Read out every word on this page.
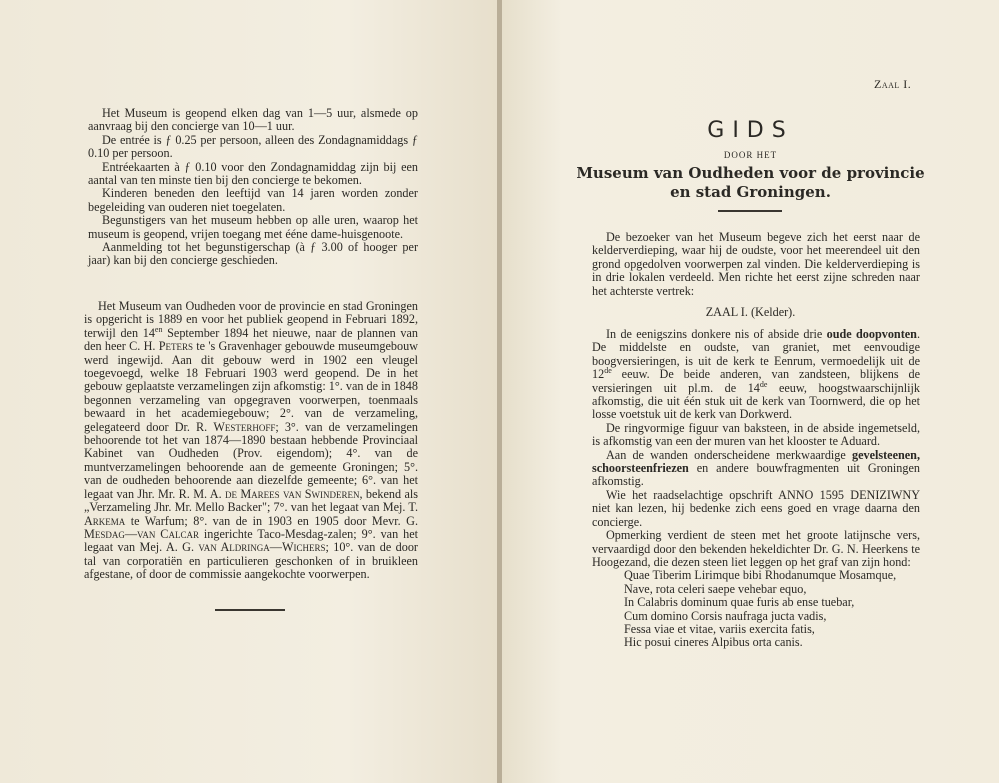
Het Museum is geopend elken dag van 1—5 uur, alsmede op aanvraag bij den concierge van 10—1 uur.

De entrée is ƒ 0.25 per persoon, alleen des Zondagnamiddags ƒ 0.10 per persoon.

Entréekaarten à ƒ 0.10 voor den Zondagnamiddag zijn bij een aantal van ten minste tien bij den concierge te bekomen.

Kinderen beneden den leeftijd van 14 jaren worden zonder begeleiding van ouderen niet toegelaten.

Begunstigers van het museum hebben op alle uren, waarop het museum is geopend, vrijen toegang met ééne dame-huisgenoote.

Aanmelding tot het begunstigerschap (à ƒ 3.00 of hooger per jaar) kan bij den concierge geschieden.

Het Museum van Oudheden voor de provincie en stad Groningen is opgericht is 1889 en voor het publiek geopend in Februari 1892, terwijl den $14^{en}$ September 1894 het nieuwe, naar de plannen van den heer C. H. Peters te 's Gravenhager gebouwde museumgebouw werd ingewijd. Aan dit gebouw werd in 1902 een vleugel toegevoegd, welke 18 Februari 1903 werd geopend. De in het gebouw geplaatste verzamelingen zijn afkomstig: 1°. van de in 1848 begonnen verzameling van opgegraven voorwerpen, toenmaals bewaard in het academiegebouw; 2°. van de verzameling, gelegateerd door Dr. R. Westerhoff; 3°. van de verzamelingen behoorende tot het van 1874—1890 bestaan hebbende Provinciaal Kabinet van Oudheden (Prov. eigendom); 4°. van de muntverzamelingen behoorende aan de gemeente Groningen; 5°. van de oudheden behoorende aan diezelfde gemeente; 6°. van het legaat van Jhr. Mr. R. M. A. de Marees van Swinderen, bekend als „Verzameling Jhr. Mr. Mello Backer"; 7°. van het legaat van Mej. T. Arkema te Warfum; 8°. van de in 1903 en 1905 door Mevr. G. Mesdag—van Calcar ingerichte Taco-Mesdag-zalen; 9°. van het legaat van Mej. A. G. van Aldringa—Wichers; 10°. van de door tal van corporatiën en particulieren geschonken of in bruikleen afgestane, of door de commissie aangekochte voorwerpen.

Zaal I.
GIDS
DOOR HET
Museum van Oudheden voor de provincie
en stad Groningen.

De bezoeker van het Museum begeve zich het eerst naar de kelderverdieping, waar hij de oudste, voor het meerendeel uit den grond opgedolven voorwerpen zal vinden. Die kelderverdieping is in drie lokalen verdeeld. Men richte het eerst zijne schreden naar het achterste vertrek:

ZAAL I. (Kelder).

In de eenigszins donkere nis of abside drie oude doopvonten. De middelste en oudste, van graniet, met eenvoudige boogversieringen, is uit de kerk te Eenrum, vermoedelijk uit de 12de eeuw. De beide anderen, van zandsteen, blijkens de versieringen uit pl.m. de 14de eeuw, hoogstwaarschijnlijk afkomstig, die uit één stuk uit de kerk van Toornwerd, die op het losse voetstuk uit de kerk van Dorkwerd.

De ringvormige figuur van baksteen, in de abside ingemetseld, is afkomstig van een der muren van het klooster te Aduard.

Aan de wanden onderscheidene merkwaardige gevelsteenen, schoorsteenfriezen en andere bouwfragmenten uit Groningen afkomstig.

Wie het raadselachtige opschrift ANNO 1595 DENIZIWNY niet kan lezen, hij bedenke zich eens goed en vrage daarna den concierge.

Opmerking verdient de steen met het groote latijnsche vers, vervaardigd door den bekenden hekeldichter Dr. G. N. Heerkens te Hoogezand, die dezen steen liet leggen op het graf van zijn hond:

Quae Tiberim Lirimque bibi Rhodanumque Mosamque,
Nave, rota celeri saepe vehebar equo,
In Calabris dominum quae furis ab ense tuebar,
Cum domino Corsis naufraga jucta vadis,
Fessa viae et vitae, variis exercita fatis,
Hic posui cineres Alpibus orta canis.
